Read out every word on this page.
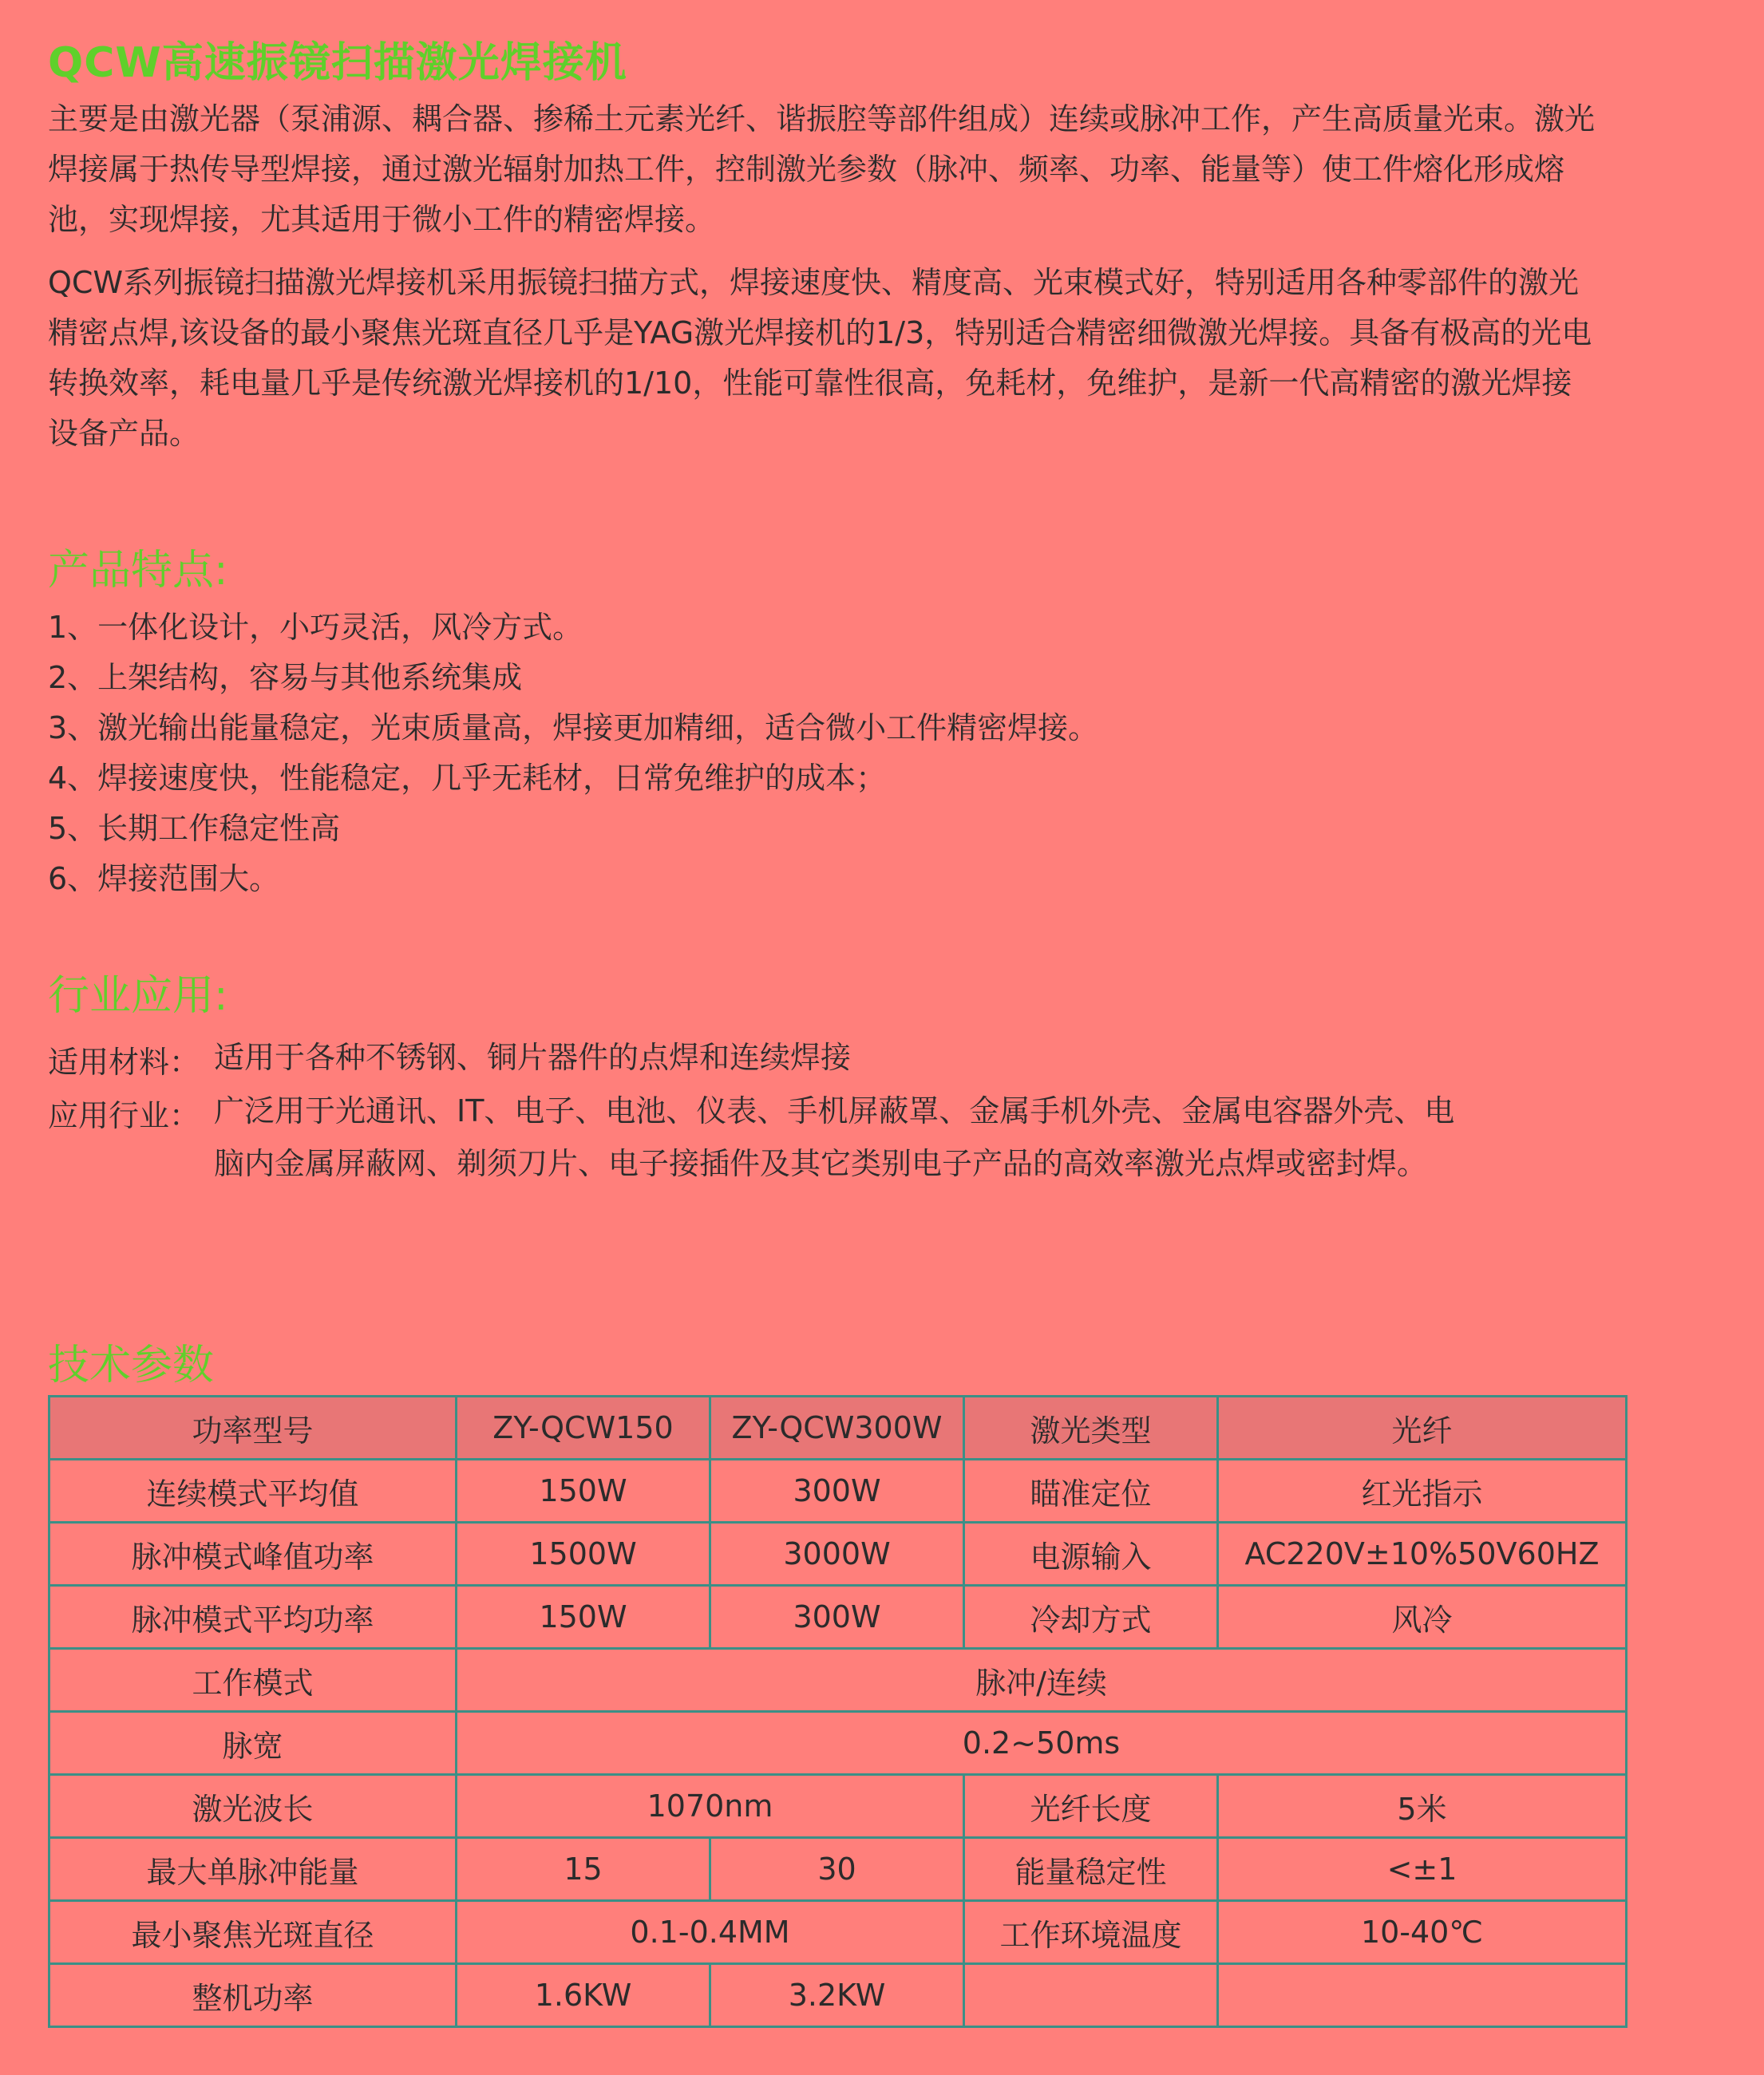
QCW高速振镜扫描激光焊接机
主要是由激光器（泵浦源、耦合器、掺稀土元素光纤、谐振腔等部件组成）连续或脉冲工作，产生高质量光束。激光焊接属于热传导型焊接，通过激光辐射加热工件，控制激光参数（脉冲、频率、功率、能量等）使工件熔化形成熔池，实现焊接，尤其适用于微小工件的精密焊接。
QCW系列振镜扫描激光焊接机采用振镜扫描方式，焊接速度快、精度高、光束模式好，特别适用各种零部件的激光精密点焊,该设备的最小聚焦光斑直径几乎是YAG激光焊接机的1/3，特别适合精密细微激光焊接。具备有极高的光电转换效率，耗电量几乎是传统激光焊接机的1/10，性能可靠性很高，免耗材，免维护，是新一代高精密的激光焊接设备产品。
产品特点:
1、一体化设计，小巧灵活，风冷方式。
2、上架结构，容易与其他系统集成
3、激光输出能量稳定，光束质量高，焊接更加精细，适合微小工件精密焊接。
4、焊接速度快，性能稳定，几乎无耗材，日常免维护的成本；
5、长期工作稳定性高
6、焊接范围大。
行业应用:
适用材料： 适用于各种不锈钢、铜片器件的点焊和连续焊接
应用行业： 广泛用于光通讯、IT、电子、电池、仪表、手机屏蔽罩、金属手机外壳、金属电容器外壳、电脑内金属屏蔽网、剃须刀片、电子接插件及其它类别电子产品的高效率激光点焊或密封焊。
技术参数
功率型号	ZY-QCW150	ZY-QCW300W	激光类型	光纤
连续模式平均值	150W	300W	瞄准定位	红光指示
脉冲模式峰值功率	1500W	3000W	电源输入	AC220V±10%50V60HZ
脉冲模式平均功率	150W	300W	冷却方式	风冷
工作模式	脉冲/连续			
脉宽	0.2~50ms			
激光波长	1070nm		光纤长度	5米
最大单脉冲能量	15	30	能量稳定性	<±1
最小聚焦光斑直径	0.1-0.4MM		工作环境温度	10-40℃
整机功率	1.6KW	3.2KW		
